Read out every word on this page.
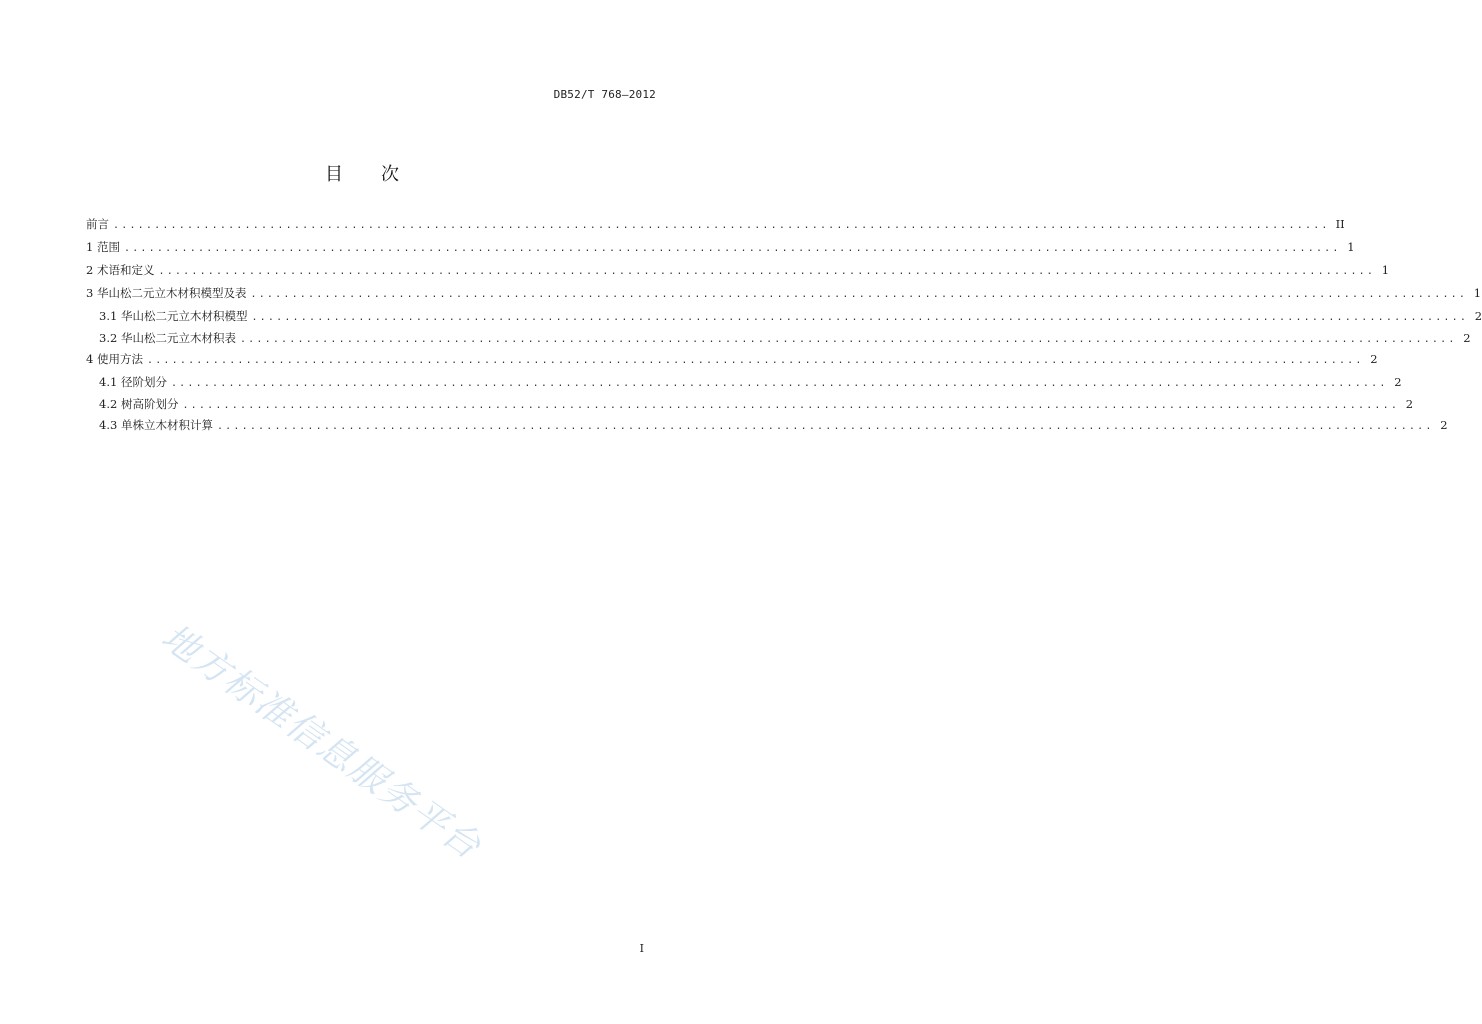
DB52/T 768—2012
目次
前言 .................................................................................................................................................... II
1 范围 .................................................................................................................................................... 1
2 术语和定义 .................................................................................................................................................... 1
3 华山松二元立木材积模型及表 .................................................................................................................................................... 1
3.1 华山松二元立木材积模型 .................................................................................................................................................... 2
3.2 华山松二元立木材积表 .................................................................................................................................................... 2
4 使用方法 .................................................................................................................................................... 2
4.1 径阶划分 .................................................................................................................................................... 2
4.2 树高阶划分 .................................................................................................................................................... 2
4.3 单株立木材积计算 .................................................................................................................................................... 2
地方标准信息服务平台
I
